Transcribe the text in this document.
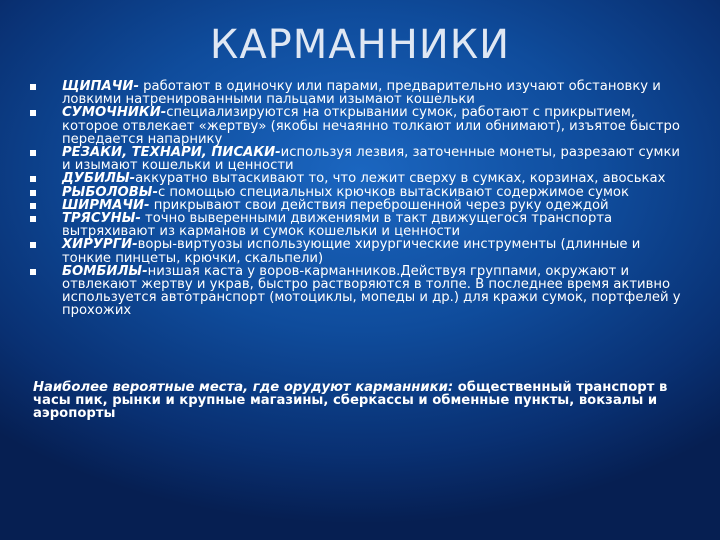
КАРМАННИКИ
ЩИПАЧИ- работают в одиночку или парами, предварительно изучают обстановку и ловкими натренированными пальцами изымают кошельки
СУМОЧНИКИ-специализируются на открывании сумок, работают с прикрытием, которое отвлекает «жертву» (якобы нечаянно толкают или обнимают), изъятое быстро передается напарнику
РЕЗАКИ, ТЕХНАРИ, ПИСАКИ-используя лезвия, заточенные монеты, разрезают сумки и изымают кошельки и ценности
ДУБИЛЫ-аккуратно вытаскивают то, что лежит сверху в сумках, корзинах, авоськах
РЫБОЛОВЫ-с помощью специальных крючков вытаскивают содержимое сумок
ШИРМАЧИ- прикрывают свои действия переброшенной через руку одеждой
ТРЯСУНЫ- точно выверенными движениями в такт движущегося транспорта вытряхивают из карманов и сумок кошельки и ценности
ХИРУРГИ-воры-виртуозы использующие хирургические инструменты (длинные и тонкие пинцеты, крючки, скальпели)
БОМБИЛЫ-низшая каста у воров-карманников.Действуя группами, окружают и отвлекают жертву и украв, быстро растворяются в толпе. В последнее время активно используется автотранспорт (мотоциклы, мопеды и др.) для кражи сумок, портфелей у прохожих
Наиболее вероятные места, где орудуют карманники: общественный транспорт в часы пик, рынки и крупные магазины, сберкассы и обменные пункты, вокзалы и аэропорты
